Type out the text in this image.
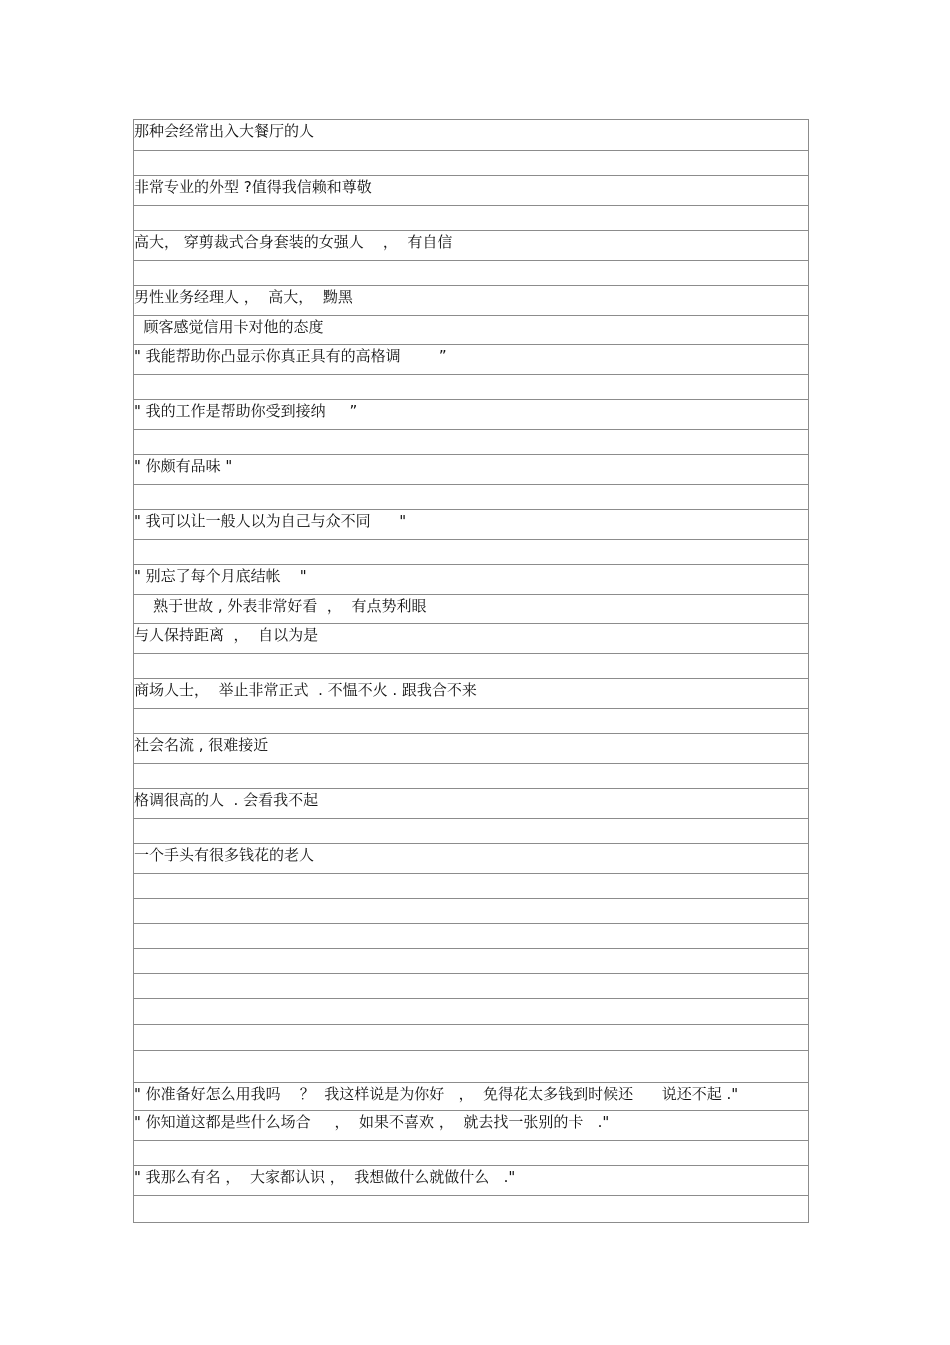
那种会经常出入大餐厅的人
非常专业的外型 ?值得我信赖和尊敬
高大， 穿剪裁式合身套装的女强人    ，  有自信
男性业务经理人 ，  高大，  黝黑
顾客感觉信用卡对他的态度
" 我能帮助你凸显示你真正具有的高格调        ”
" 我的工作是帮助你受到接纳     ”
" 你颇有品味 "
" 我可以让一般人以为自己与众不同      "
" 别忘了每个月底结帐    "
熟于世故 , 外表非常好看  ，  有点势利眼
与人保持距离  ，  自以为是
商场人士，  举止非常正式  . 不愠不火 . 跟我合不来
社会名流 , 很难接近
格调很高的人  . 会看我不起
一个手头有很多钱花的老人
" 你准备好怎么用我吗    ？  我这样说是为你好   ，  免得花太多钱到时候还      说还不起 ."
" 你知道这都是些什么场合     ，  如果不喜欢 ，  就去找一张别的卡   ."
" 我那么有名 ，  大家都认识 ，  我想做什么就做什么   ."
